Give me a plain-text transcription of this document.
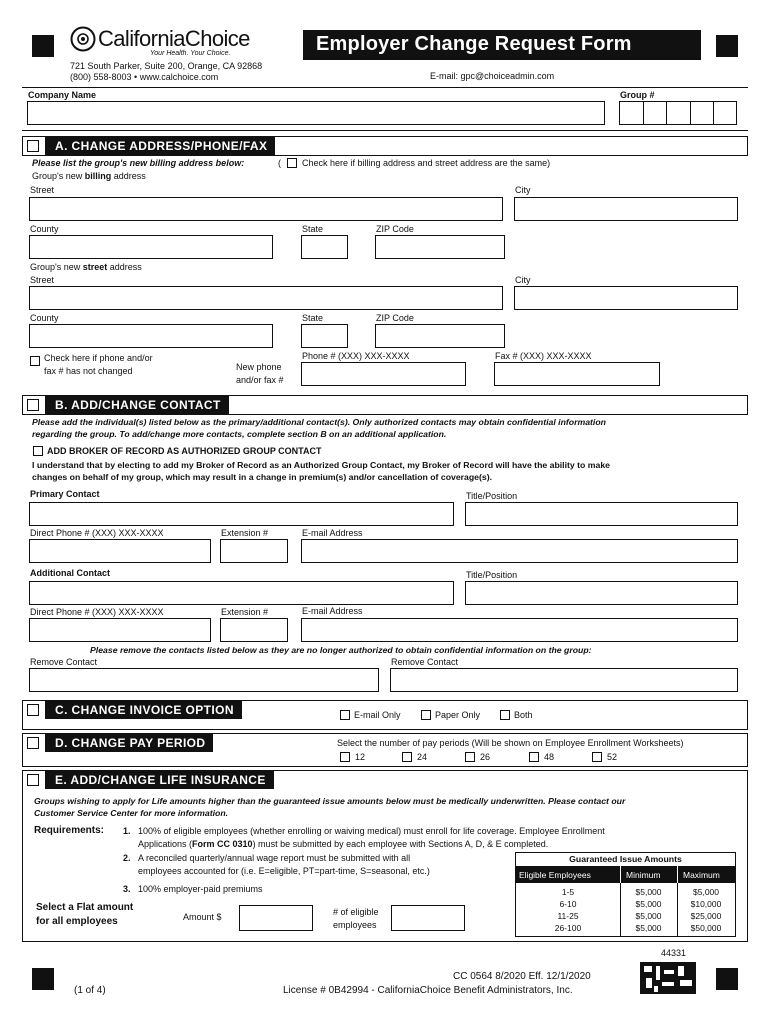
CaliforniaChoice
Your Health. Your Choice.
721 South Parker, Suite 200, Orange, CA 92868
(800) 558-8003 • www.calchoice.com
Employer Change Request Form
E-mail: gpc@choiceadmin.com
Company Name	Group #
A. CHANGE ADDRESS/PHONE/FAX
Please list the group's new billing address below:	( Check here if billing address and street address are the same)
Group's new billing address
Street	City
County	State	ZIP Code
Group's new street address
Street	City
County	State	ZIP Code
Check here if phone and/or
fax # has not changed	New phone
and/or fax #
Phone # (XXX) XXX-XXXX	Fax # (XXX) XXX-XXXX
B. ADD/CHANGE CONTACT
Please add the individual(s) listed below as the primary/additional contact(s). Only authorized contacts may obtain confidential information
regarding the group. To add/change more contacts, complete section B on an additional application.
ADD BROKER OF RECORD AS AUTHORIZED GROUP CONTACT
I understand that by electing to add my Broker of Record as an Authorized Group Contact, my Broker of Record will have the ability to make
changes on behalf of my group, which may result in a change in premium(s) and/or cancellation of coverage(s).
Primary Contact	Title/Position
Direct Phone # (XXX) XXX-XXXX	Extension #	E-mail Address
Additional Contact	Title/Position
Direct Phone # (XXX) XXX-XXXX	Extension #	E-mail Address
Please remove the contacts listed below as they are no longer authorized to obtain confidential information on the group:
Remove Contact	Remove Contact
C. CHANGE INVOICE OPTION	E-mail Only	Paper Only	Both
D. CHANGE PAY PERIOD	Select the number of pay periods (Will be shown on Employee Enrollment Worksheets)
12	24	26	48	52
E. ADD/CHANGE LIFE INSURANCE
Groups wishing to apply for Life amounts higher than the guaranteed issue amounts below must be medically underwritten. Please contact our
Customer Service Center for more information.
Requirements: 1. 100% of eligible employees (whether enrolling or waiving medical) must enroll for life coverage. Employee Enrollment
Applications (Form CC 0310) must be submitted by each employee with Sections A, D, & E completed.
2. A reconciled quarterly/annual wage report must be submitted with all
employees accounted for (i.e. E=eligible, PT=part-time, S=seasonal, etc.)
3. 100% employer-paid premiums
Select a Flat amount
for all employees	Amount $	# of eligible
employees
Guaranteed Issue Amounts
Eligible Employees	Minimum	Maximum
1-5	$5,000	$5,000
6-10	$5,000	$10,000
11-25	$5,000	$25,000
26-100	$5,000	$50,000
44331
(1 of 4)
CC 0564 8/2020 Eff. 12/1/2020
License # 0B42994 - CaliforniaChoice Benefit Administrators, Inc.
